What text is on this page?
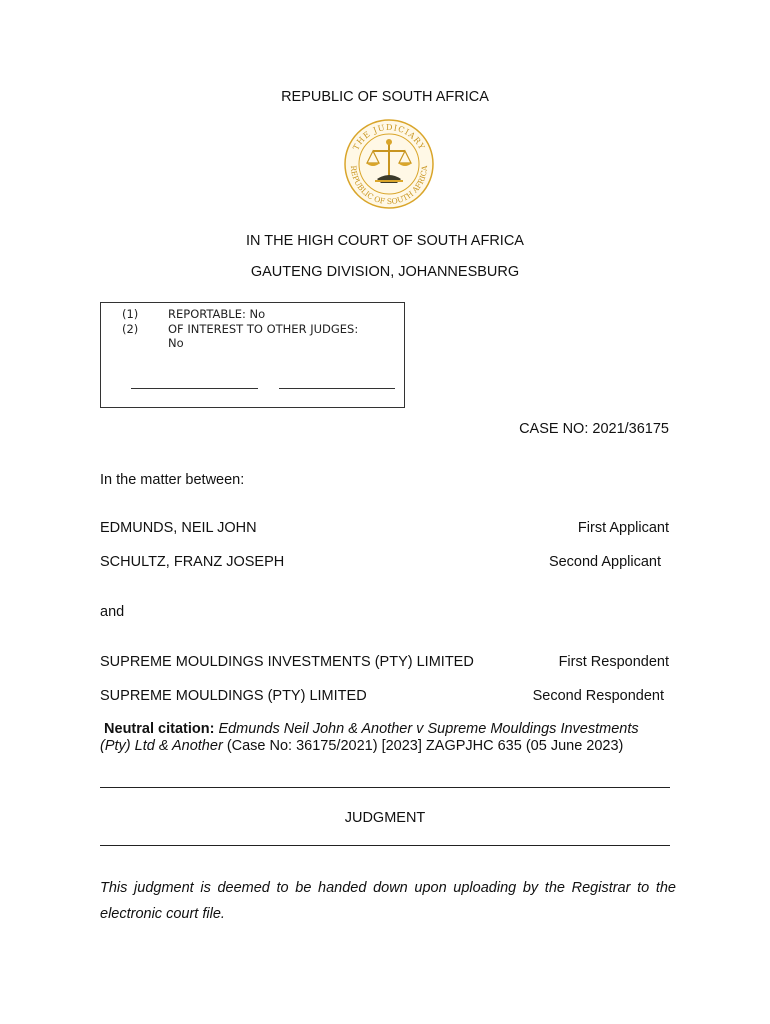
REPUBLIC OF SOUTH AFRICA
THE JUDICIARY
REPUBLIC OF SOUTH AFRICA
IN THE HIGH COURT OF SOUTH AFRICA
GAUTENG DIVISION, JOHANNESBURG
(1)	REPORTABLE: No
(2)	OF INTEREST TO OTHER JUDGES:
No
CASE NO: 2021/36175
In the matter between:
EDMUNDS, NEIL JOHN	First Applicant
SCHULTZ, FRANZ JOSEPH	Second Applicant
and
SUPREME MOULDINGS INVESTMENTS (PTY) LIMITED	First Respondent
SUPREME MOULDINGS (PTY) LIMITED	Second Respondent
Neutral citation: Edmunds Neil John & Another v Supreme Mouldings Investments (Pty) Ltd & Another (Case No: 36175/2021) [2023] ZAGPJHC 635 (05 June 2023)
JUDGMENT
This judgment is deemed to be handed down upon uploading by the Registrar to the electronic court file.
